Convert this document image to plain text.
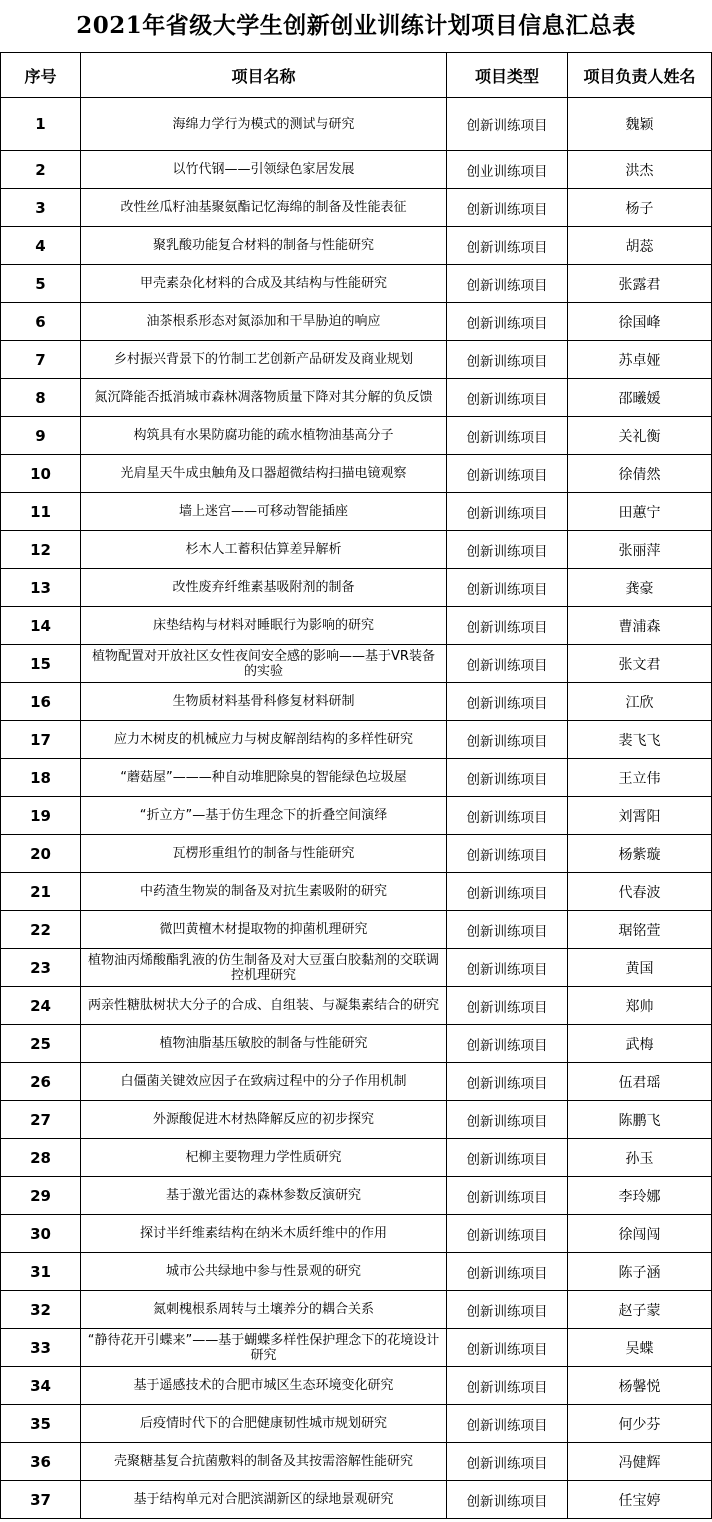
2021年省级大学生创新创业训练计划项目信息汇总表
序号	项目名称	项目类型	项目负责人姓名
1	海绵力学行为模式的测试与研究	创新训练项目	魏颖
2	以竹代钢——引领绿色家居发展	创业训练项目	洪杰
3	改性丝瓜籽油基聚氨酯记忆海绵的制备及性能表征	创新训练项目	杨子
4	聚乳酸功能复合材料的制备与性能研究	创新训练项目	胡蕊
5	甲壳素杂化材料的合成及其结构与性能研究	创新训练项目	张露君
6	油茶根系形态对氮添加和干旱胁迫的响应	创新训练项目	徐国峰
7	乡村振兴背景下的竹制工艺创新产品研发及商业规划	创新训练项目	苏卓娅
8	氮沉降能否抵消城市森林凋落物质量下降对其分解的负反馈	创新训练项目	邵曦媛
9	构筑具有水果防腐功能的疏水植物油基高分子	创新训练项目	关礼衡
10	光肩星天牛成虫触角及口器超微结构扫描电镜观察	创新训练项目	徐倩然
11	墙上迷宫——可移动智能插座	创新训练项目	田蕙宁
12	杉木人工蓄积估算差异解析	创新训练项目	张丽萍
13	改性废弃纤维素基吸附剂的制备	创新训练项目	龚豪
14	床垫结构与材料对睡眠行为影响的研究	创新训练项目	曹浦森
15	植物配置对开放社区女性夜间安全感的影响——基于VR装备的实验	创新训练项目	张文君
16	生物质材料基骨科修复材料研制	创新训练项目	江欣
17	应力木树皮的机械应力与树皮解剖结构的多样性研究	创新训练项目	裴飞飞
18	“蘑菇屋”———种自动堆肥除臭的智能绿色垃圾屋	创新训练项目	王立伟
19	“折立方”—基于仿生理念下的折叠空间演绎	创新训练项目	刘霄阳
20	瓦楞形重组竹的制备与性能研究	创新训练项目	杨紫璇
21	中药渣生物炭的制备及对抗生素吸附的研究	创新训练项目	代春波
22	微凹黄檀木材提取物的抑菌机理研究	创新训练项目	琚铭萱
23	植物油丙烯酸酯乳液的仿生制备及对大豆蛋白胶黏剂的交联调控机理研究	创新训练项目	黄国
24	两亲性糖肽树状大分子的合成、自组装、与凝集素结合的研究	创新训练项目	郑帅
25	植物油脂基压敏胶的制备与性能研究	创新训练项目	武梅
26	白僵菌关键效应因子在致病过程中的分子作用机制	创新训练项目	伍君瑶
27	外源酸促进木材热降解反应的初步探究	创新训练项目	陈鹏飞
28	杞柳主要物理力学性质研究	创新训练项目	孙玉
29	基于激光雷达的森林参数反演研究	创新训练项目	李玲娜
30	探讨半纤维素结构在纳米木质纤维中的作用	创新训练项目	徐闯闯
31	城市公共绿地中参与性景观的研究	创新训练项目	陈子涵
32	氮刺槐根系周转与土壤养分的耦合关系	创新训练项目	赵子蒙
33	“静待花开引蝶来”——基于蝴蝶多样性保护理念下的花境设计研究	创新训练项目	吴蝶
34	基于遥感技术的合肥市城区生态环境变化研究	创新训练项目	杨馨悦
35	后疫情时代下的合肥健康韧性城市规划研究	创新训练项目	何少芬
36	壳聚糖基复合抗菌敷料的制备及其按需溶解性能研究	创新训练项目	冯健辉
37	基于结构单元对合肥滨湖新区的绿地景观研究	创新训练项目	任宝婷
